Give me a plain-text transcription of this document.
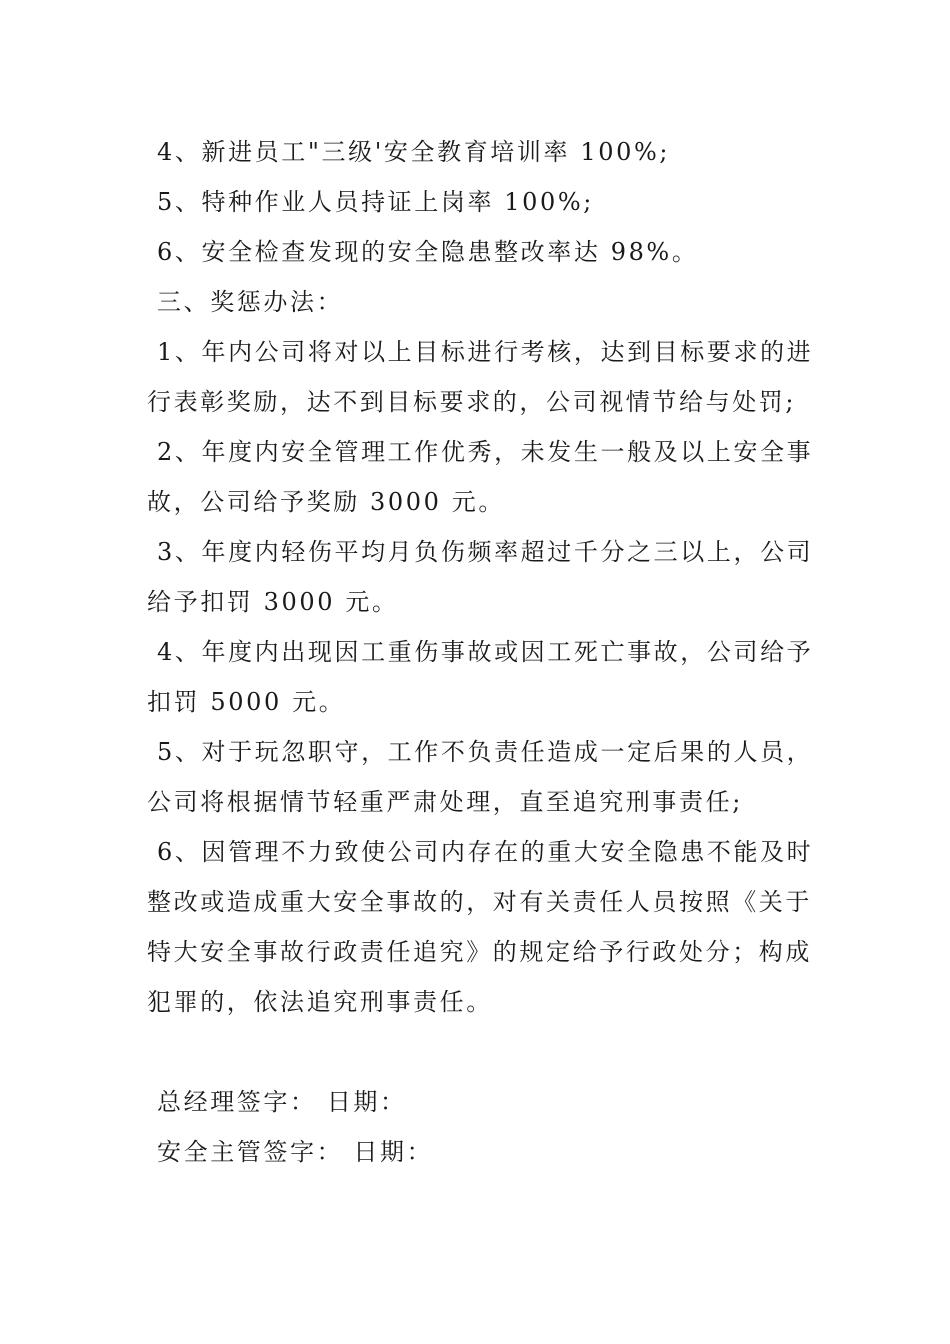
4、新进员工"三级'安全教育培训率 100%;
5、特种作业人员持证上岗率 100%;
6、安全检查发现的安全隐患整改率达 98%。
三、奖惩办法：
1、年内公司将对以上目标进行考核，达到目标要求的进
行表彰奖励，达不到目标要求的，公司视情节给与处罚;
2、年度内安全管理工作优秀，未发生一般及以上安全事
故，公司给予奖励 3000 元。
3、年度内轻伤平均月负伤频率超过千分之三以上，公司
给予扣罚 3000 元。
4、年度内出现因工重伤事故或因工死亡事故，公司给予
扣罚 5000 元。
5、对于玩忽职守，工作不负责任造成一定后果的人员，
公司将根据情节轻重严肃处理，直至追究刑事责任;
6、因管理不力致使公司内存在的重大安全隐患不能及时
整改或造成重大安全事故的，对有关责任人员按照《关于
特大安全事故行政责任追究》的规定给予行政处分；构成
犯罪的，依法追究刑事责任。
总经理签字： 日期：
安全主管签字： 日期：
